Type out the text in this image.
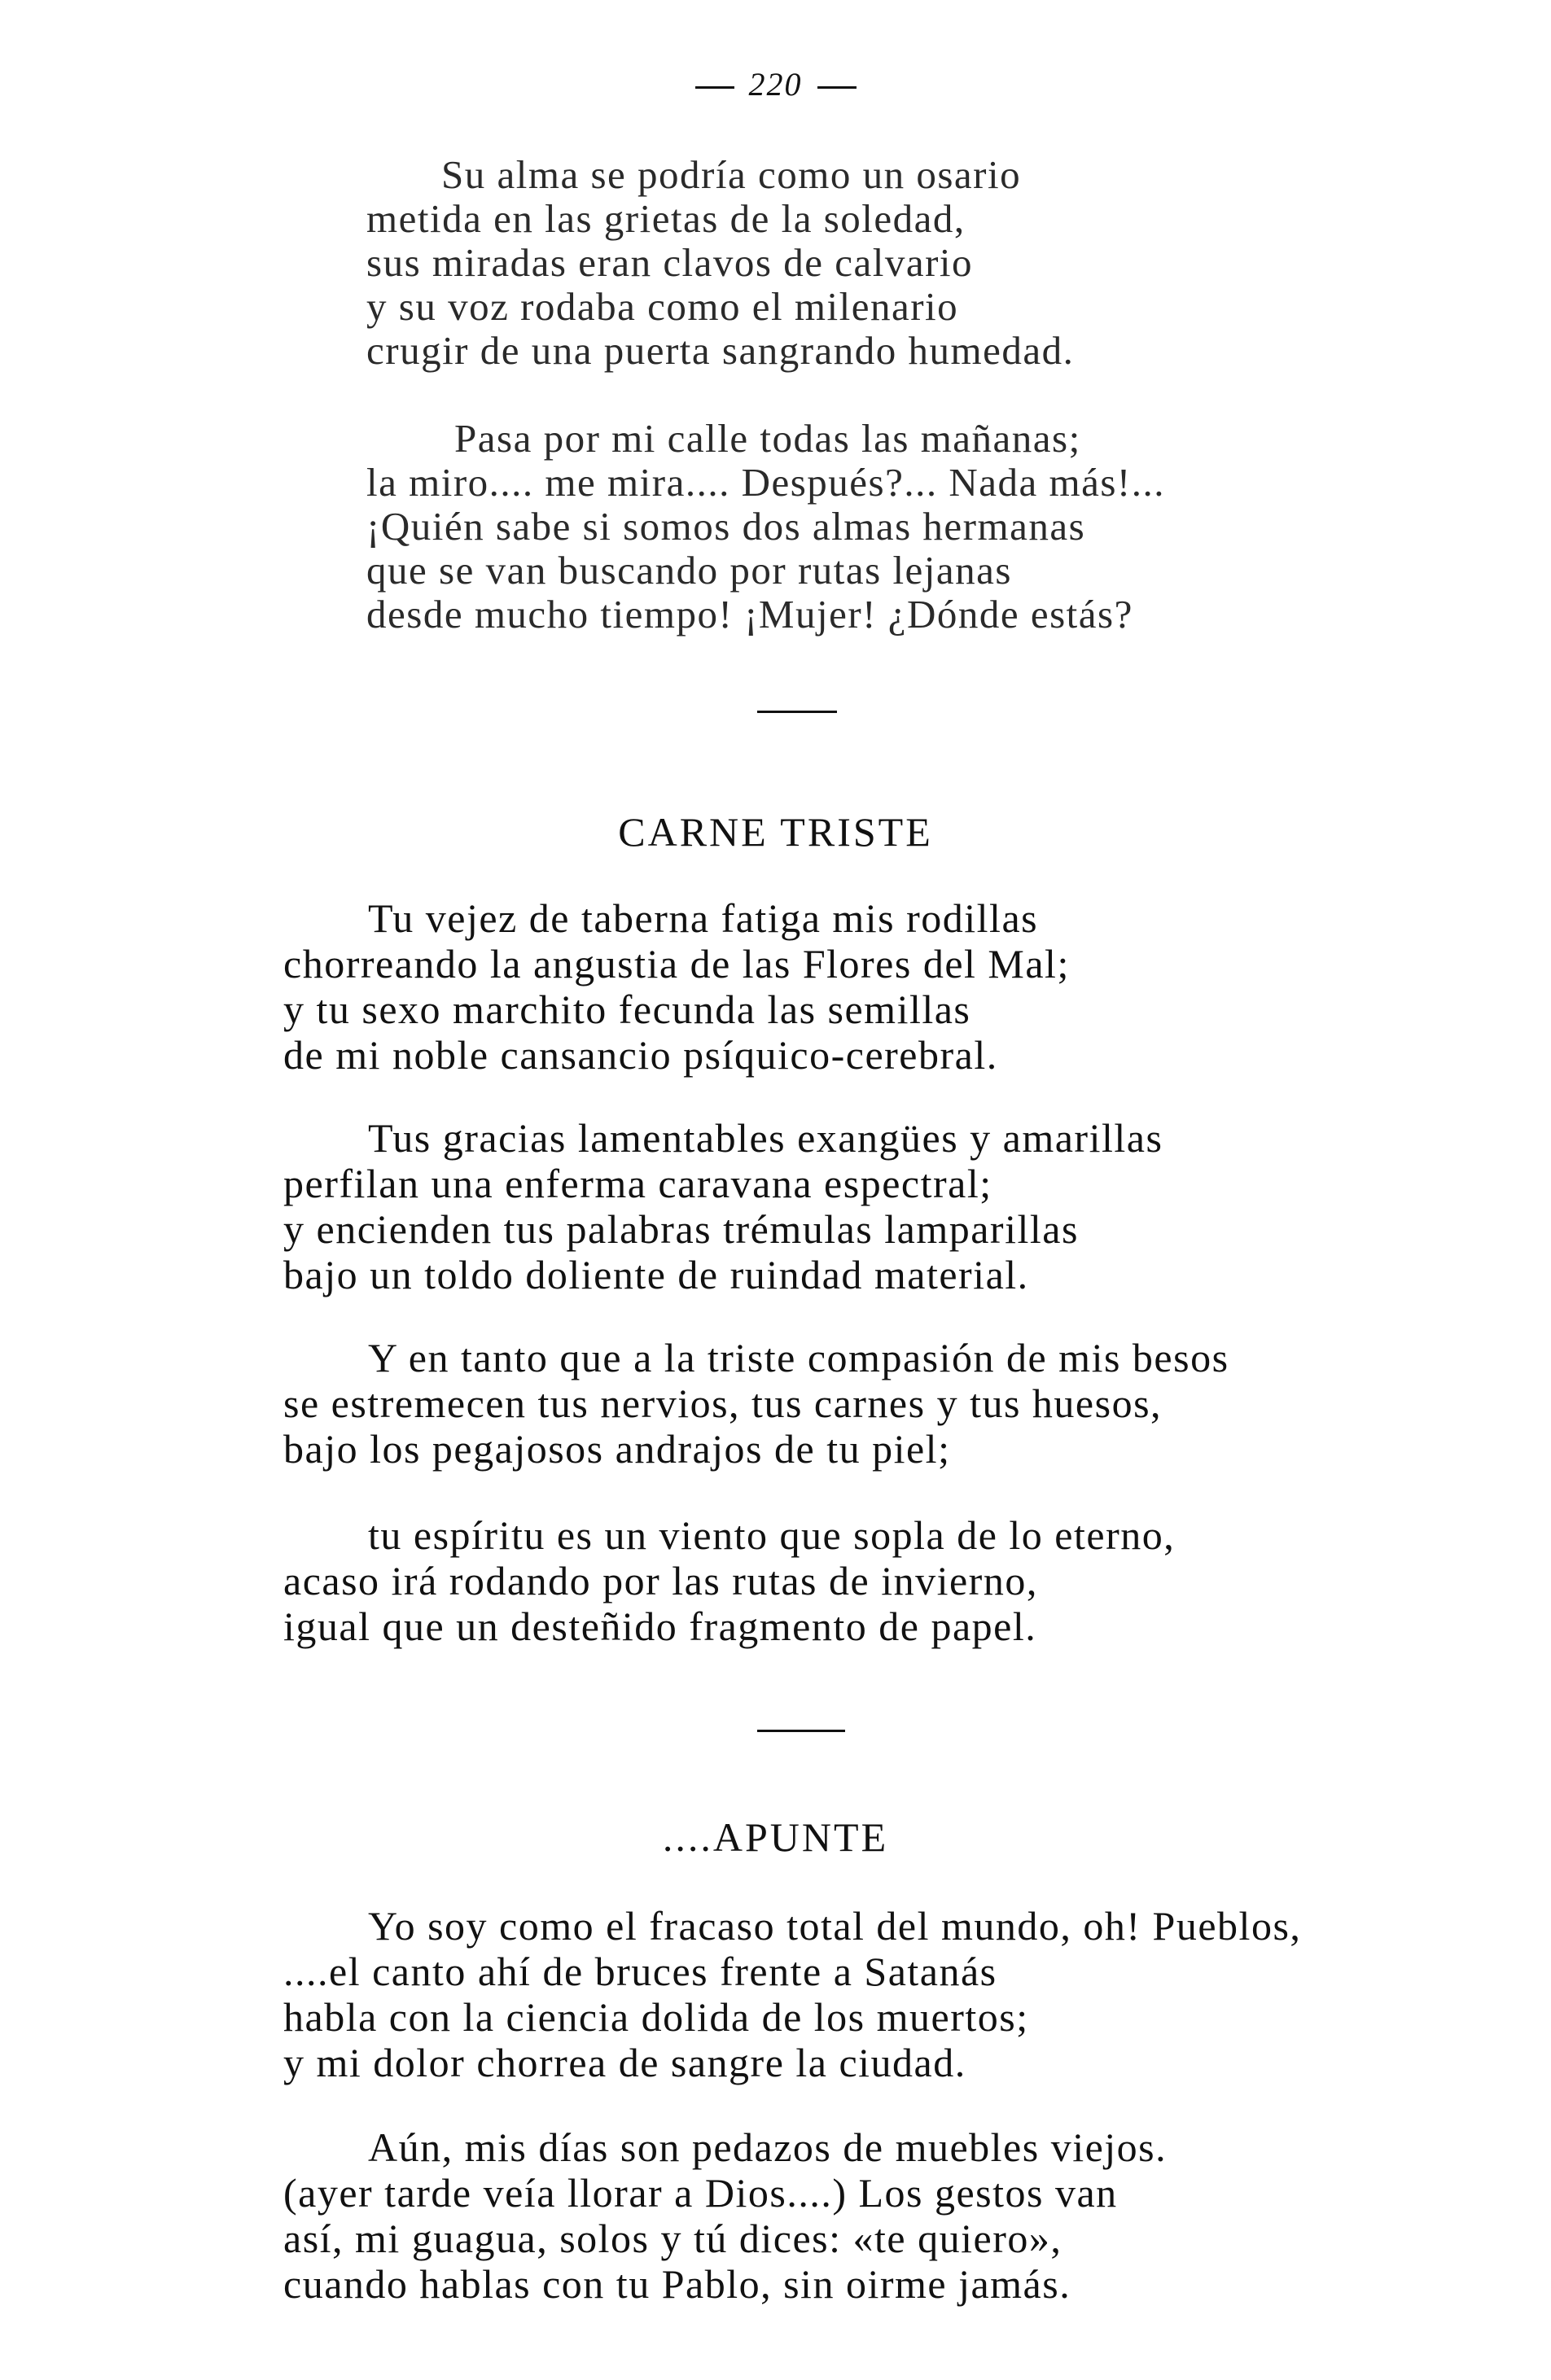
220
Su alma se podría como un osario
metida en las grietas de la soledad,
sus miradas eran clavos de calvario
y su voz rodaba como el milenario
crugir de una puerta sangrando humedad.
Pasa por mi calle todas las mañanas;
la miro.... me mira.... Después?... Nada más!...
¡Quién sabe si somos dos almas hermanas
que se van buscando por rutas lejanas
desde mucho tiempo! ¡Mujer! ¿Dónde estás?
CARNE TRISTE
Tu vejez de taberna fatiga mis rodillas
chorreando la angustia de las Flores del Mal;
y tu sexo marchito fecunda las semillas
de mi noble cansancio psíquico-cerebral.
Tus gracias lamentables exangües y amarillas
perfilan una enferma caravana espectral;
y encienden tus palabras trémulas lamparillas
bajo un toldo doliente de ruindad material.
Y en tanto que a la triste compasión de mis besos
se estremecen tus nervios, tus carnes y tus huesos,
bajo los pegajosos andrajos de tu piel;
tu espíritu es un viento que sopla de lo eterno,
acaso irá rodando por las rutas de invierno,
igual que un desteñido fragmento de papel.
....APUNTE
Yo soy como el fracaso total del mundo, oh! Pueblos,
....el canto ahí de bruces frente a Satanás
habla con la ciencia dolida de los muertos;
y mi dolor chorrea de sangre la ciudad.
Aún, mis días son pedazos de muebles viejos.
(ayer tarde veía llorar a Dios....) Los gestos van
así, mi guagua, solos y tú dices: «te quiero»,
cuando hablas con tu Pablo, sin oirme jamás.
